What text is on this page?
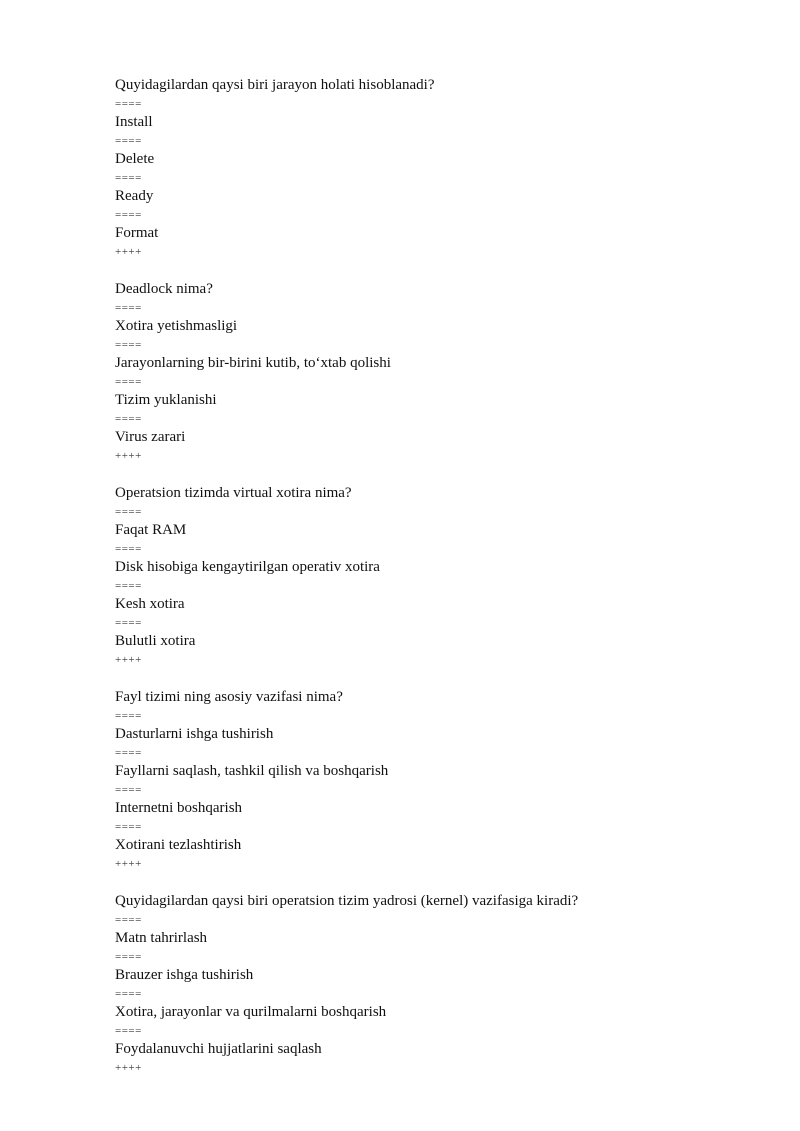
Quyidagilardan qaysi biri jarayon holati hisoblanadi?
====
Install
====
Delete
====
Ready
====
Format
++++
Deadlock nima?
====
Xotira yetishmasligi
====
Jarayonlarning bir-birini kutib, to‘xtab qolishi
====
Tizim yuklanishi
====
Virus zarari
++++
Operatsion tizimda virtual xotira nima?
====
Faqat RAM
====
Disk hisobiga kengaytirilgan operativ xotira
====
Kesh xotira
====
Bulutli xotira
++++
Fayl tizimi ning asosiy vazifasi nima?
====
Dasturlarni ishga tushirish
====
Fayllarni saqlash, tashkil qilish va boshqarish
====
Internetni boshqarish
====
Xotirani tezlashtirish
++++
Quyidagilardan qaysi biri operatsion tizim yadrosi (kernel) vazifasiga kiradi?
====
Matn tahrirlash
====
Brauzer ishga tushirish
====
Xotira, jarayonlar va qurilmalarni boshqarish
====
Foydalanuvchi hujjatlarini saqlash
++++
